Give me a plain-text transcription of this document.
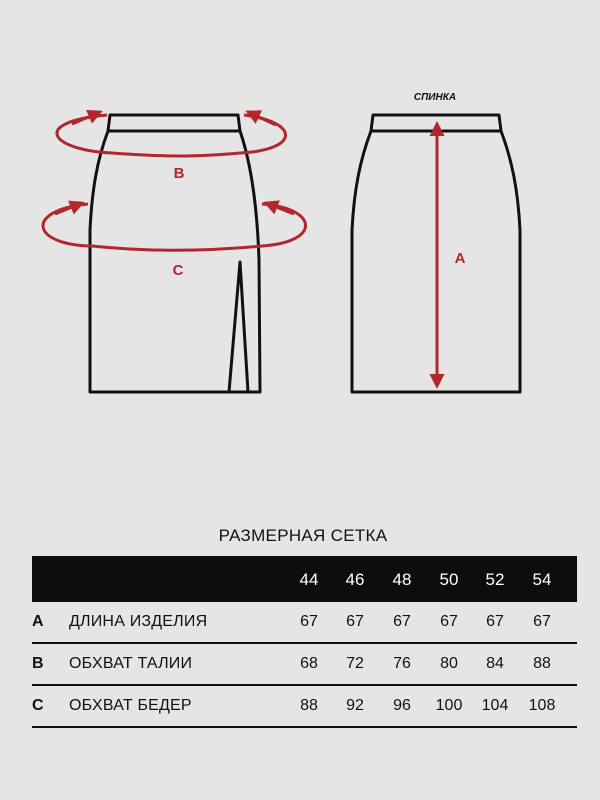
СПИНКА
B
C
A
РАЗМЕРНАЯ СЕТКА
44	46	48	50	52	54
A ДЛИНА ИЗДЕЛИЯ	67	67	67	67	67	67
B ОБХВАТ ТАЛИИ	68	72	76	80	84	88
C ОБХВАТ БЕДЕР	88	92	96	100	104	108
